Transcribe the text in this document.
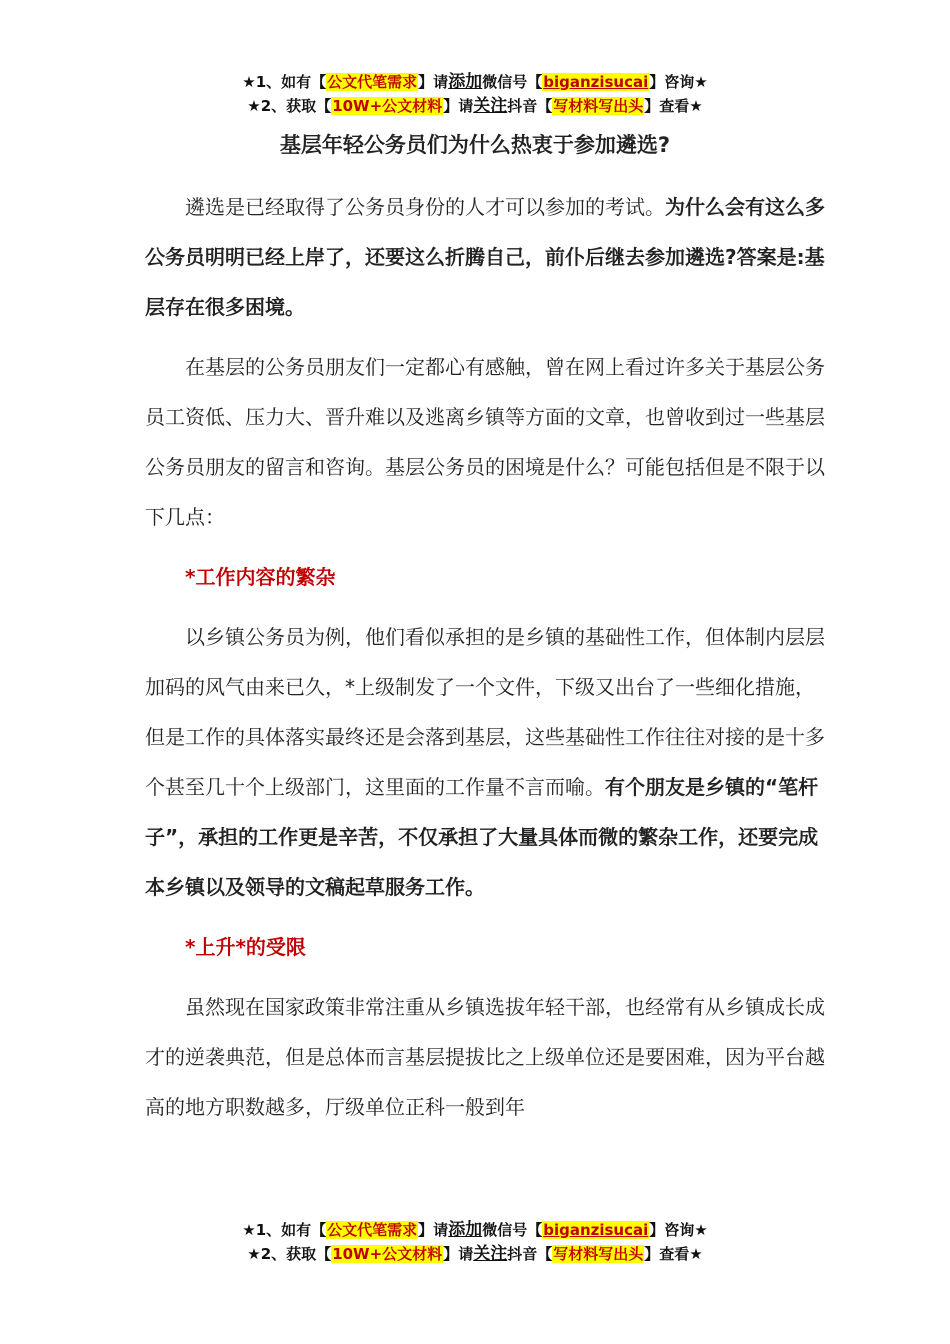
★1、如有【公文代笔需求】请添加微信号【biganzisucai】咨询★
★2、获取【10W+公文材料】请关注抖音【写材料写出头】查看★
基层年轻公务员们为什么热衷于参加遴选?

遴选是已经取得了公务员身份的人才可以参加的考试。为什么会有这么多公务员明明已经上岸了，还要这么折腾自己，前仆后继去参加遴选?答案是:基层存在很多困境。

在基层的公务员朋友们一定都心有感触，曾在网上看过许多关于基层公务员工资低、压力大、晋升难以及逃离乡镇等方面的文章，也曾收到过一些基层公务员朋友的留言和咨询。基层公务员的困境是什么？可能包括但是不限于以下几点：

*工作内容的繁杂

以乡镇公务员为例，他们看似承担的是乡镇的基础性工作，但体制内层层加码的风气由来已久，*上级制发了一个文件，下级又出台了一些细化措施，但是工作的具体落实最终还是会落到基层，这些基础性工作往往对接的是十多个甚至几十个上级部门，这里面的工作量不言而喻。有个朋友是乡镇的“笔杆子”，承担的工作更是辛苦，不仅承担了大量具体而微的繁杂工作，还要完成本乡镇以及领导的文稿起草服务工作。

*上升*的受限

虽然现在国家政策非常注重从乡镇选拔年轻干部，也经常有从乡镇成长成才的逆袭典范，但是总体而言基层提拔比之上级单位还是要困难，因为平台越高的地方职数越多，厅级单位正科一般到年

★1、如有【公文代笔需求】请添加微信号【biganzisucai】咨询★
★2、获取【10W+公文材料】请关注抖音【写材料写出头】查看★
